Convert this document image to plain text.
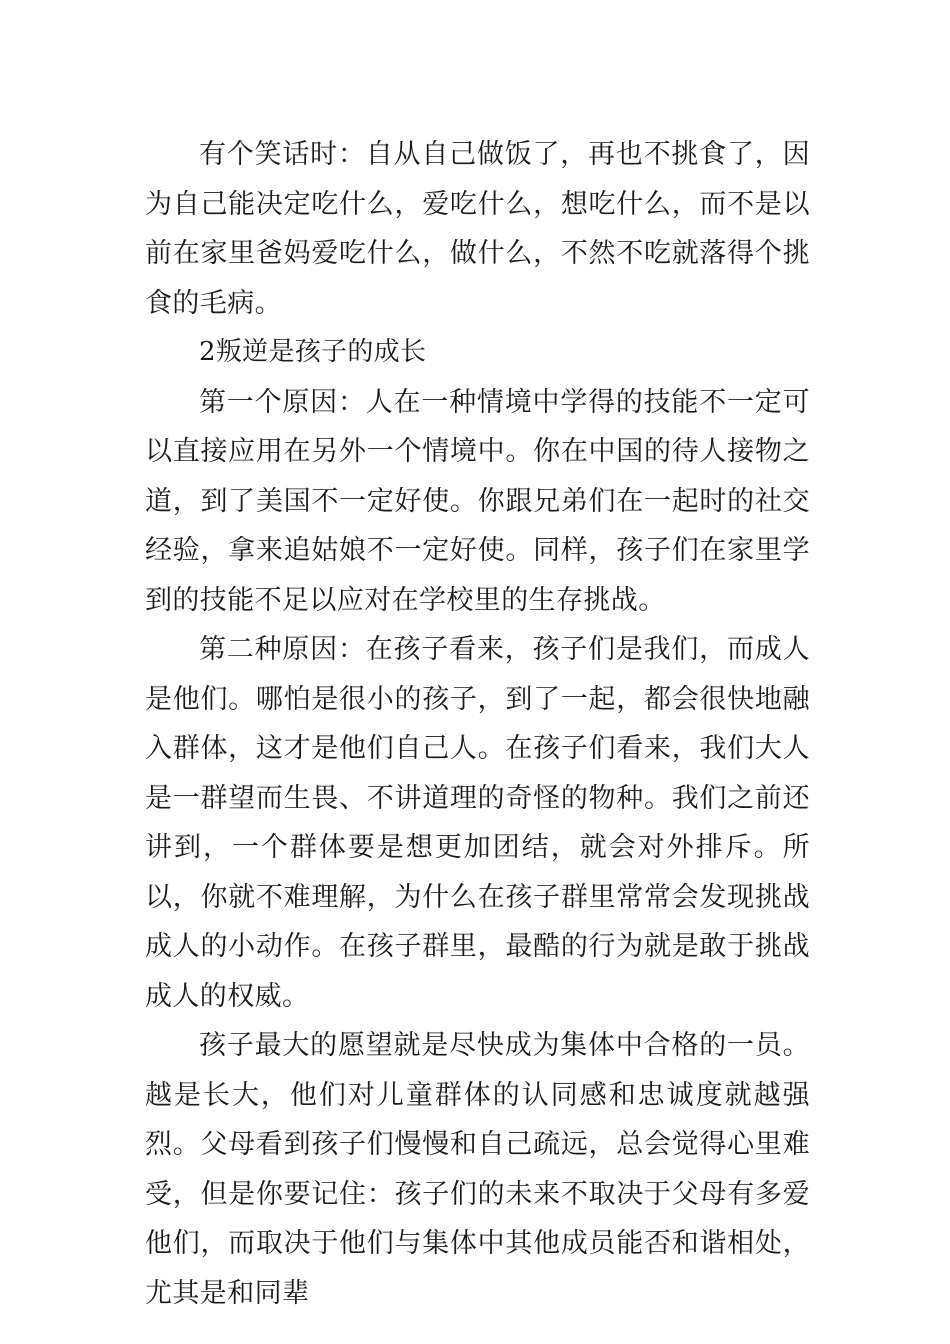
有个笑话时：自从自己做饭了，再也不挑食了，因为自己能决定吃什么，爱吃什么，想吃什么，而不是以前在家里爸妈爱吃什么，做什么，不然不吃就落得个挑食的毛病。

2叛逆是孩子的成长

第一个原因：人在一种情境中学得的技能不一定可以直接应用在另外一个情境中。你在中国的待人接物之道，到了美国不一定好使。你跟兄弟们在一起时的社交经验，拿来追姑娘不一定好使。同样，孩子们在家里学到的技能不足以应对在学校里的生存挑战。

第二种原因：在孩子看来，孩子们是我们，而成人是他们。哪怕是很小的孩子，到了一起，都会很快地融入群体，这才是他们自己人。在孩子们看来，我们大人是一群望而生畏、不讲道理的奇怪的物种。我们之前还讲到，一个群体要是想更加团结，就会对外排斥。所以，你就不难理解，为什么在孩子群里常常会发现挑战成人的小动作。在孩子群里，最酷的行为就是敢于挑战成人的权威。

孩子最大的愿望就是尽快成为集体中合格的一员。越是长大，他们对儿童群体的认同感和忠诚度就越强烈。父母看到孩子们慢慢和自己疏远，总会觉得心里难受，但是你要记住：孩子们的未来不取决于父母有多爱他们，而取决于他们与集体中其他成员能否和谐相处，尤其是和同辈
